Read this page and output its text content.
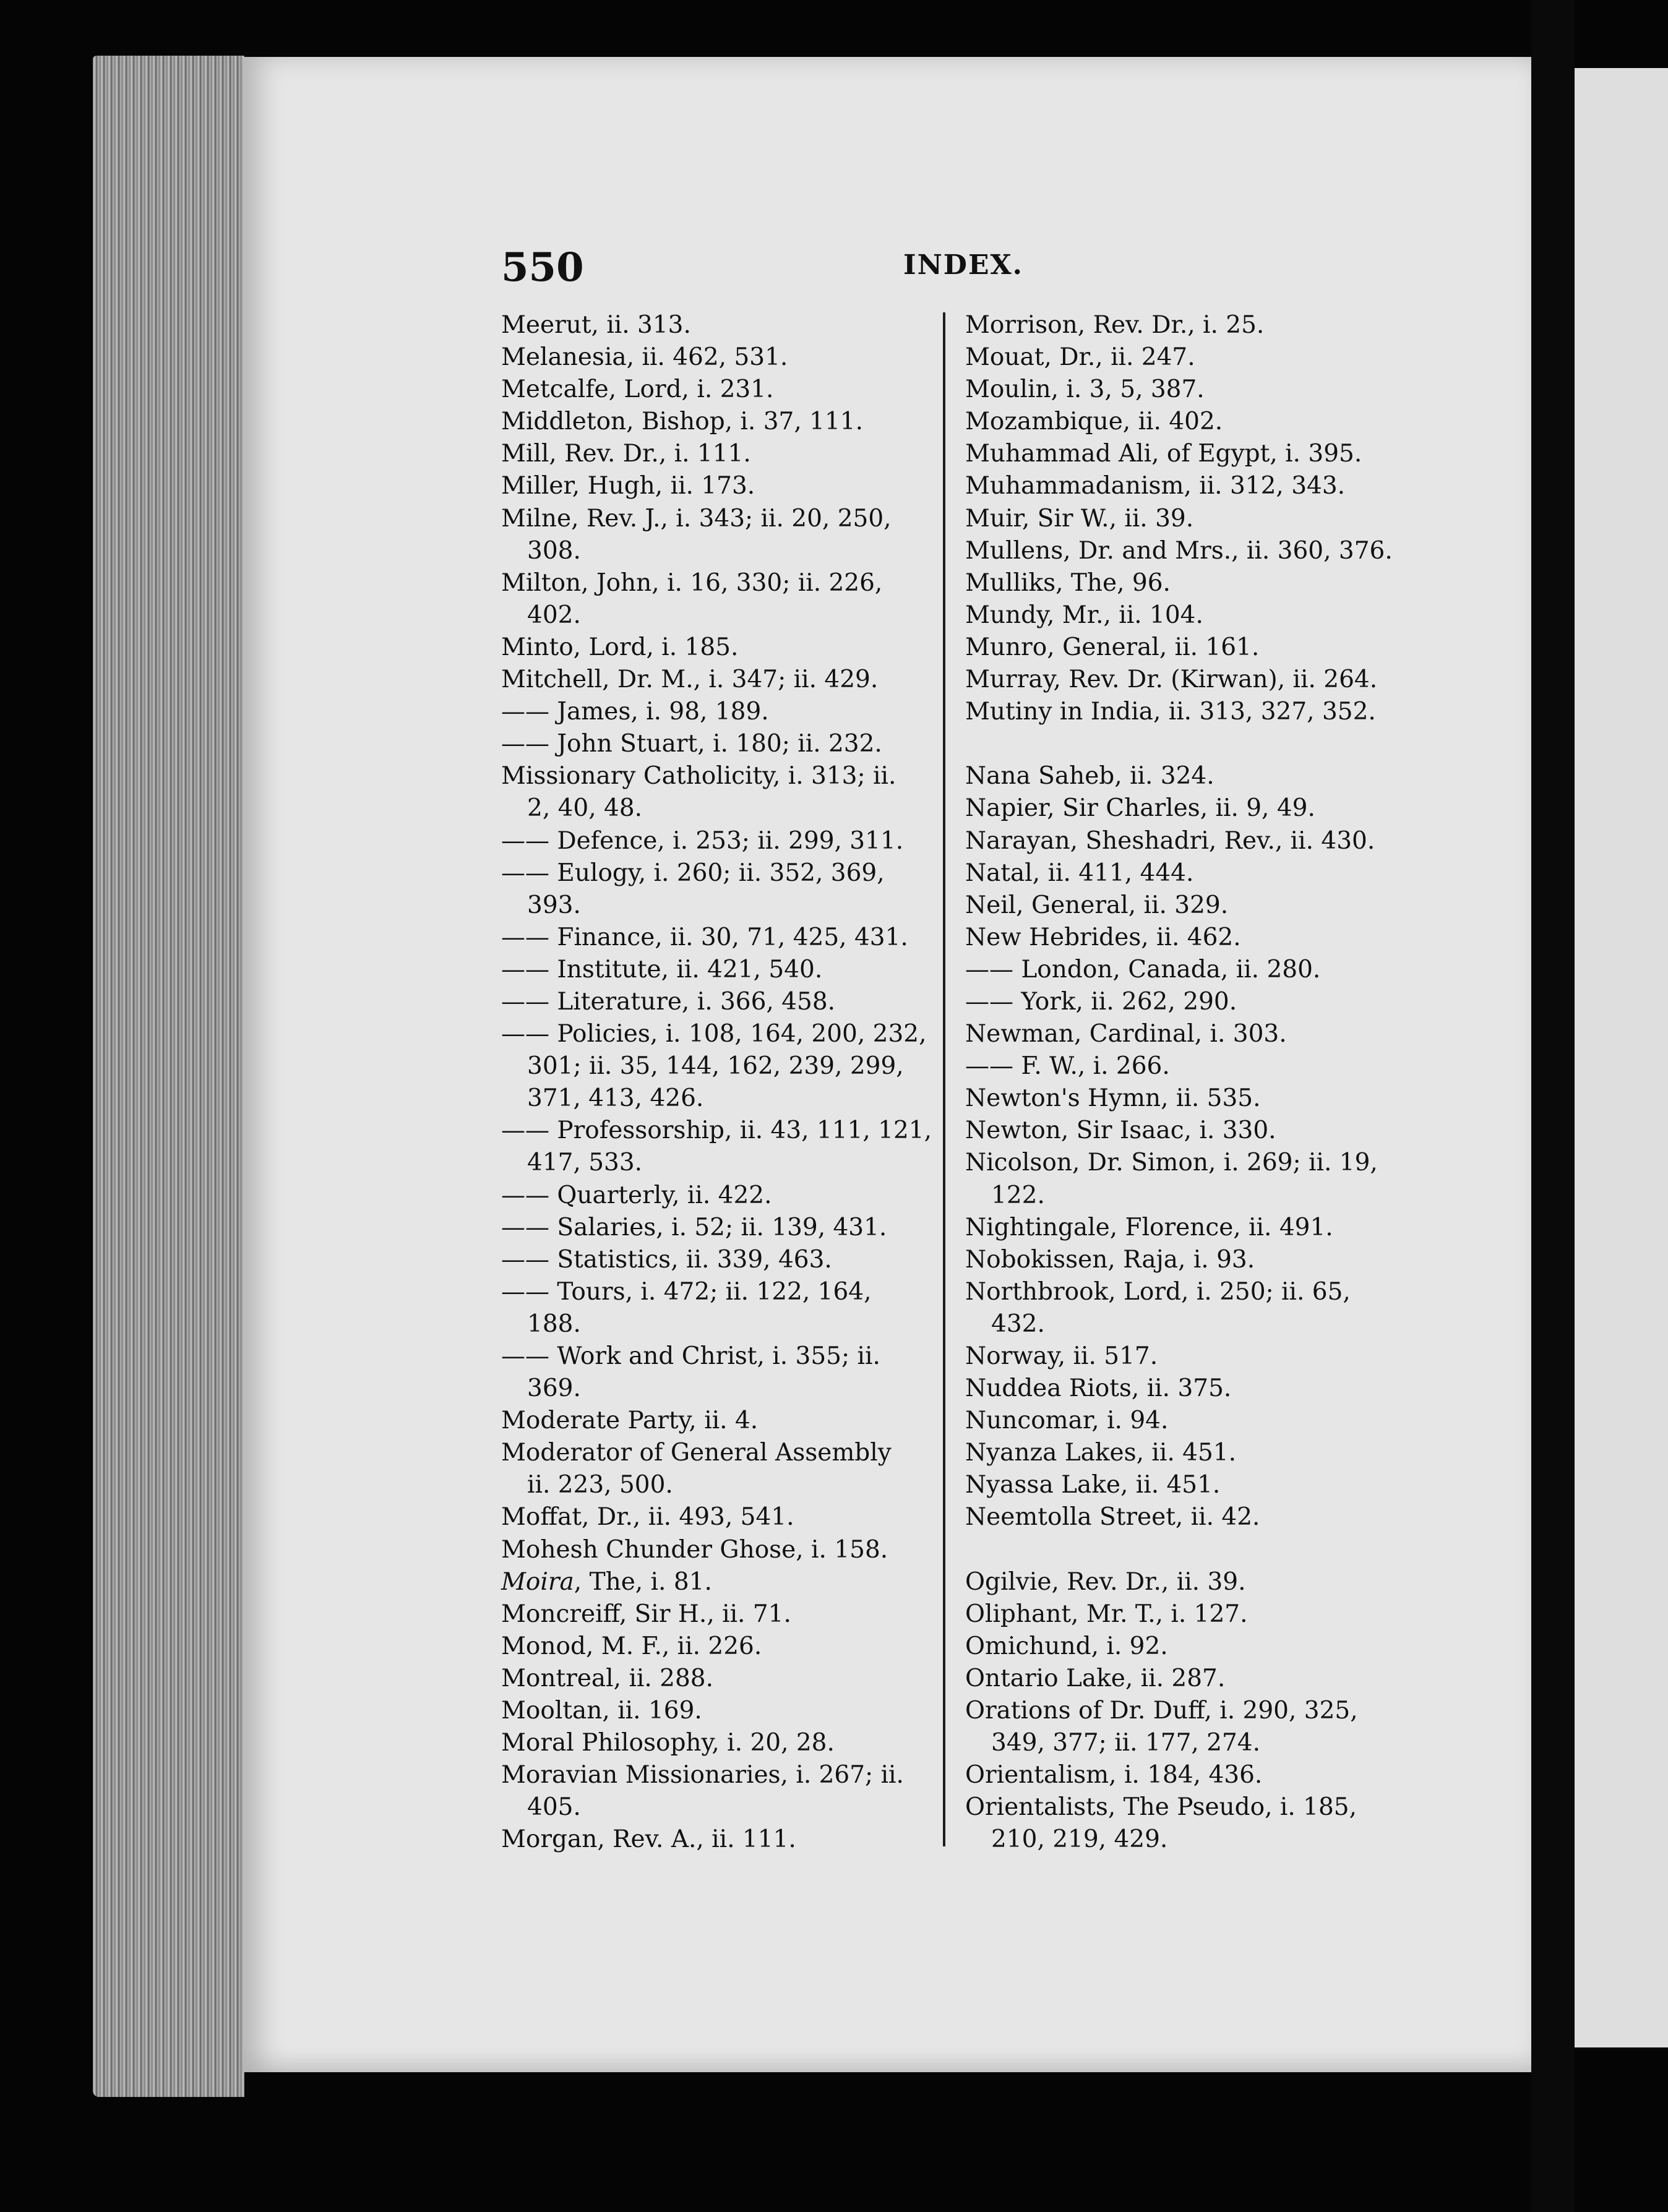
550	INDEX.
Meerut, ii. 313.
Melanesia, ii. 462, 531.
Metcalfe, Lord, i. 231.
Middleton, Bishop, i. 37, 111.
Mill, Rev. Dr., i. 111.
Miller, Hugh, ii. 173.
Milne, Rev. J., i. 343; ii. 20, 250,
308.
Milton, John, i. 16, 330; ii. 226,
402.
Minto, Lord, i. 185.
Mitchell, Dr. M., i. 347; ii. 429.
—— James, i. 98, 189.
—— John Stuart, i. 180; ii. 232.
Missionary Catholicity, i. 313; ii.
2, 40, 48.
—— Defence, i. 253; ii. 299, 311.
—— Eulogy, i. 260; ii. 352, 369,
393.
—— Finance, ii. 30, 71, 425, 431.
—— Institute, ii. 421, 540.
—— Literature, i. 366, 458.
—— Policies, i. 108, 164, 200, 232,
301; ii. 35, 144, 162, 239, 299,
371, 413, 426.
—— Professorship, ii. 43, 111, 121,
417, 533.
—— Quarterly, ii. 422.
—— Salaries, i. 52; ii. 139, 431.
—— Statistics, ii. 339, 463.
—— Tours, i. 472; ii. 122, 164,
188.
—— Work and Christ, i. 355; ii.
369.
Moderate Party, ii. 4.
Moderator of General Assembly
ii. 223, 500.
Moffat, Dr., ii. 493, 541.
Mohesh Chunder Ghose, i. 158.
Moira, The, i. 81.
Moncreiff, Sir H., ii. 71.
Monod, M. F., ii. 226.
Montreal, ii. 288.
Mooltan, ii. 169.
Moral Philosophy, i. 20, 28.
Moravian Missionaries, i. 267; ii.
405.
Morgan, Rev. A., ii. 111.
Morrison, Rev. Dr., i. 25.
Mouat, Dr., ii. 247.
Moulin, i. 3, 5, 387.
Mozambique, ii. 402.
Muhammad Ali, of Egypt, i. 395.
Muhammadanism, ii. 312, 343.
Muir, Sir W., ii. 39.
Mullens, Dr. and Mrs., ii. 360, 376.
Mulliks, The, 96.
Mundy, Mr., ii. 104.
Munro, General, ii. 161.
Murray, Rev. Dr. (Kirwan), ii. 264.
Mutiny in India, ii. 313, 327, 352.
Nana Saheb, ii. 324.
Napier, Sir Charles, ii. 9, 49.
Narayan, Sheshadri, Rev., ii. 430.
Natal, ii. 411, 444.
Neil, General, ii. 329.
New Hebrides, ii. 462.
—— London, Canada, ii. 280.
—— York, ii. 262, 290.
Newman, Cardinal, i. 303.
—— F. W., i. 266.
Newton's Hymn, ii. 535.
Newton, Sir Isaac, i. 330.
Nicolson, Dr. Simon, i. 269; ii. 19,
122.
Nightingale, Florence, ii. 491.
Nobokissen, Raja, i. 93.
Northbrook, Lord, i. 250; ii. 65,
432.
Norway, ii. 517.
Nuddea Riots, ii. 375.
Nuncomar, i. 94.
Nyanza Lakes, ii. 451.
Nyassa Lake, ii. 451.
Neemtolla Street, ii. 42.
Ogilvie, Rev. Dr., ii. 39.
Oliphant, Mr. T., i. 127.
Omichund, i. 92.
Ontario Lake, ii. 287.
Orations of Dr. Duff, i. 290, 325,
349, 377; ii. 177, 274.
Orientalism, i. 184, 436.
Orientalists, The Pseudo, i. 185,
210, 219, 429.
